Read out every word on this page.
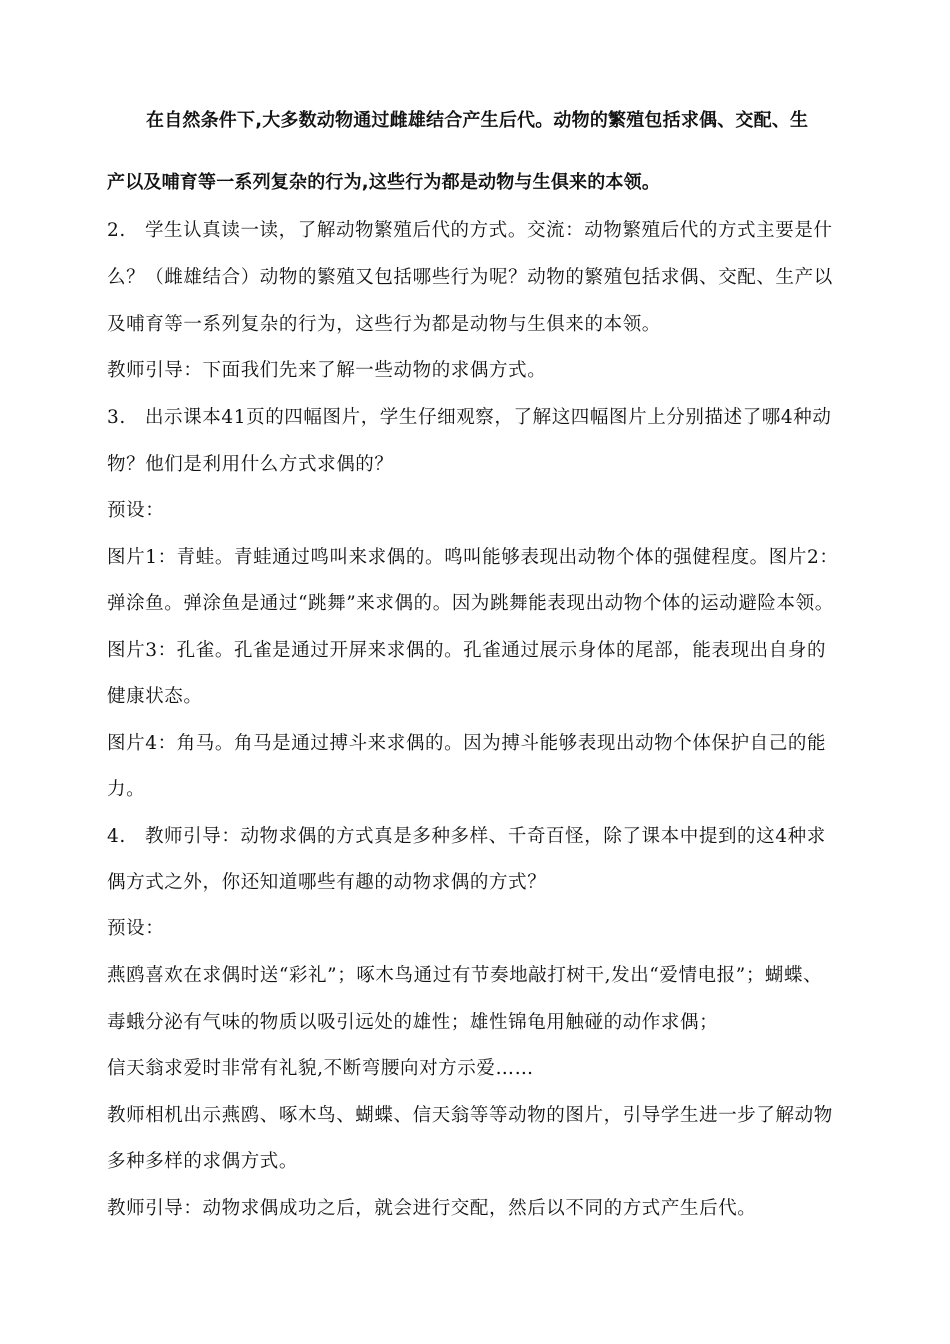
在自然条件下,大多数动物通过雌雄结合产生后代。动物的繁殖包括求偶、交配、生
产以及哺育等一系列复杂的行为,这些行为都是动物与生俱来的本领。
2.　学生认真读一读，了解动物繁殖后代的方式。交流：动物繁殖后代的方式主要是什
么？（雌雄结合）动物的繁殖又包括哪些行为呢？动物的繁殖包括求偶、交配、生产以
及哺育等一系列复杂的行为，这些行为都是动物与生俱来的本领。
教师引导：下面我们先来了解一些动物的求偶方式。
3.　出示课本41页的四幅图片，学生仔细观察，了解这四幅图片上分别描述了哪4种动
物？他们是利用什么方式求偶的？
预设：
图片1：青蛙。青蛙通过鸣叫来求偶的。鸣叫能够表现出动物个体的强健程度。图片2：
弹涂鱼。弹涂鱼是通过“跳舞”来求偶的。因为跳舞能表现出动物个体的运动避险本领。
图片3：孔雀。孔雀是通过开屏来求偶的。孔雀通过展示身体的尾部，能表现出自身的
健康状态。
图片4：角马。角马是通过搏斗来求偶的。因为搏斗能够表现出动物个体保护自己的能
力。
4.　教师引导：动物求偶的方式真是多种多样、千奇百怪，除了课本中提到的这4种求
偶方式之外，你还知道哪些有趣的动物求偶的方式？
预设：
燕鸥喜欢在求偶时送“彩礼”；啄木鸟通过有节奏地敲打树干,发出“爱情电报”；蝴蝶、
毒蛾分泌有气味的物质以吸引远处的雄性；雄性锦龟用触碰的动作求偶；
信天翁求爱时非常有礼貌,不断弯腰向对方示爱……
教师相机出示燕鸥、啄木鸟、蝴蝶、信天翁等等动物的图片，引导学生进一步了解动物
多种多样的求偶方式。
教师引导：动物求偶成功之后，就会进行交配，然后以不同的方式产生后代。
